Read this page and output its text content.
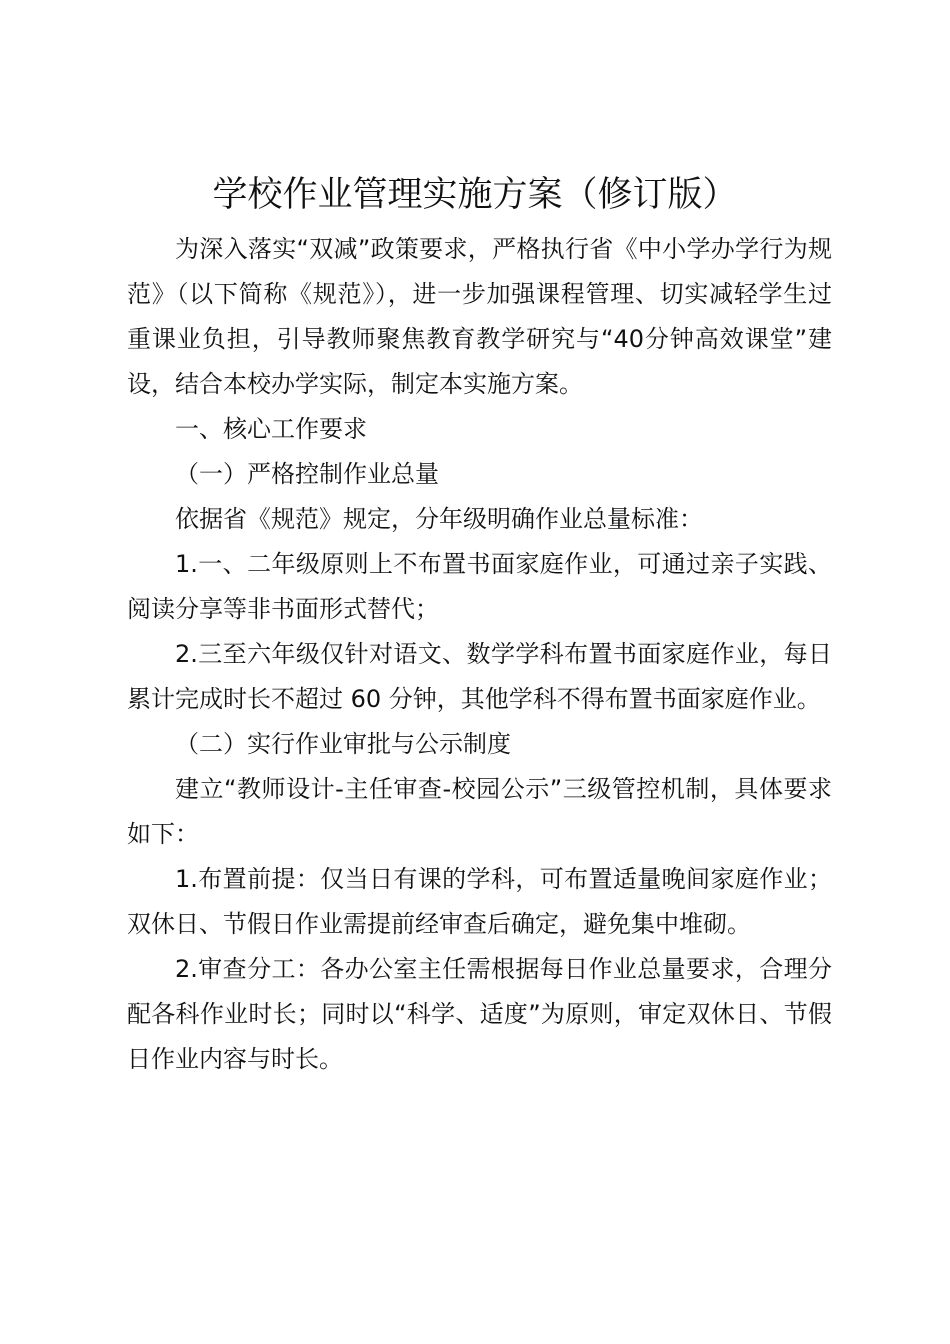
学校作业管理实施方案（修订版）

为深入落实“双减”政策要求，严格执行省《中小学办学行为规范》（以下简称《规范》），进一步加强课程管理、切实减轻学生过重课业负担，引导教师聚焦教育教学研究与“40分钟高效课堂”建设，结合本校办学实际，制定本实施方案。

一、核心工作要求

（一）严格控制作业总量

依据省《规范》规定，分年级明确作业总量标准：

1.一、二年级原则上不布置书面家庭作业，可通过亲子实践、阅读分享等非书面形式替代；

2.三至六年级仅针对语文、数学学科布置书面家庭作业，每日累计完成时长不超过 60 分钟，其他学科不得布置书面家庭作业。

（二）实行作业审批与公示制度

建立“教师设计-主任审查-校园公示”三级管控机制，具体要求如下：

1.布置前提：仅当日有课的学科，可布置适量晚间家庭作业；双休日、节假日作业需提前经审查后确定，避免集中堆砌。

2.审查分工：各办公室主任需根据每日作业总量要求，合理分配各科作业时长；同时以“科学、适度”为原则，审定双休日、节假日作业内容与时长。
